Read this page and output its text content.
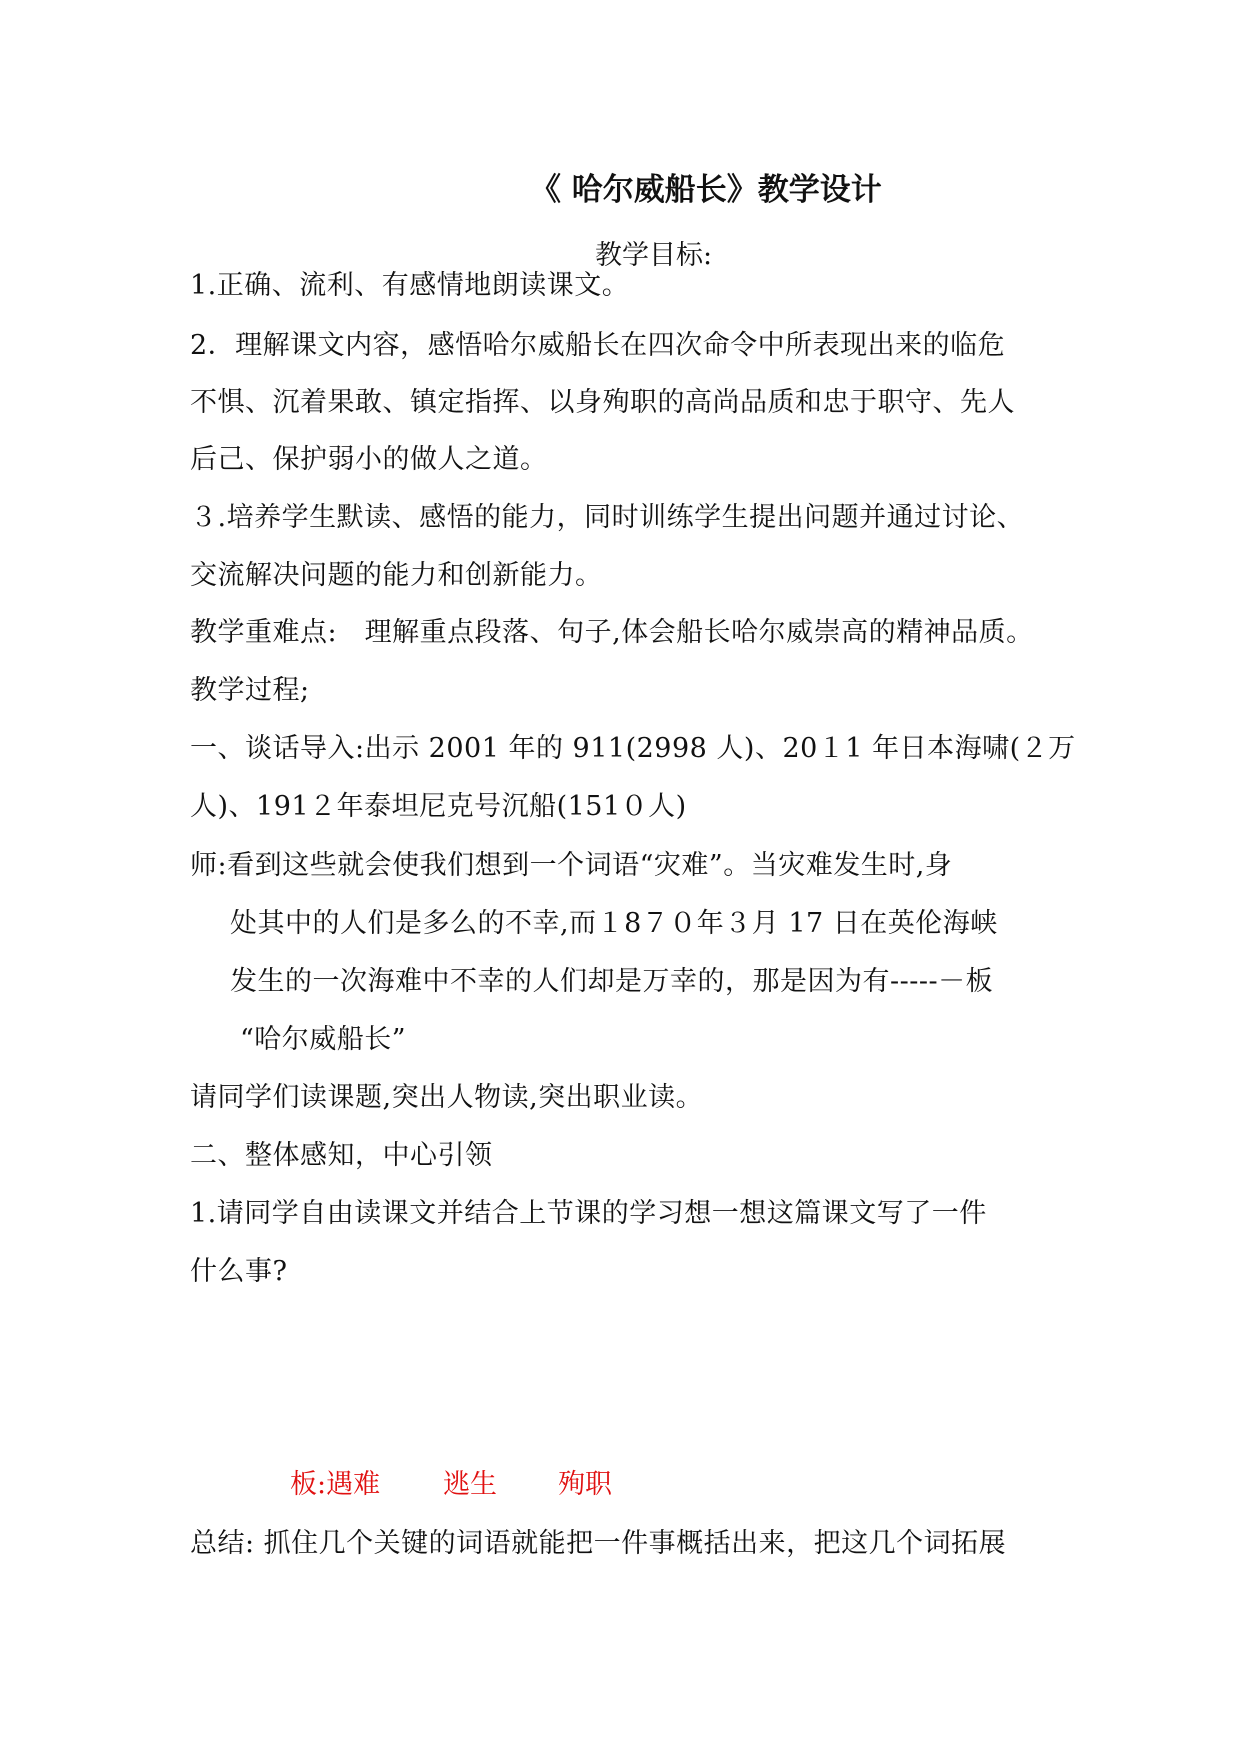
《 哈尔威船长》教学设计
教学目标:
1.正确、流利、有感情地朗读课文。
2．理解课文内容，感悟哈尔威船长在四次命令中所表现出来的临危
不惧、沉着果敢、镇定指挥、以身殉职的高尚品质和忠于职守、先人
后己、保护弱小的做人之道。
３.培养学生默读、感悟的能力，同时训练学生提出问题并通过讨论、
交流解决问题的能力和创新能力。
教学重难点:　理解重点段落、句子,体会船长哈尔威崇高的精神品质。
教学过程;
一、谈话导入:出示 2001 年的 911(2998 人)、20１1 年日本海啸(２万
人)、191２年泰坦尼克号沉船(151０人)
师:看到这些就会使我们想到一个词语“灾难”。当灾难发生时,身
处其中的人们是多么的不幸,而１8７０年３月 17 日在英伦海峡
发生的一次海难中不幸的人们却是万幸的，那是因为有-----－板
“哈尔威船长”
请同学们读课题,突出人物读,突出职业读。
二、整体感知，中心引领
1.请同学自由读课文并结合上节课的学习想一想这篇课文写了一件
什么事?
板:遇难 逃生 殉职
总结: 抓住几个关键的词语就能把一件事概括出来，把这几个词拓展
